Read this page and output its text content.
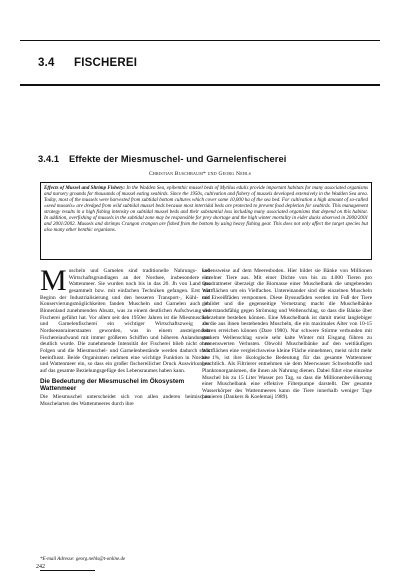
3.4 FISCHEREI
3.4.1 Effekte der Miesmuschel- und Garnelenfischerei
Christian Buschbaum* und Georg Nehls
Effects of Mussel and Shrimp Fishery: In the Wadden Sea, epibenthic mussel beds of Mytilus edulis provide important habitats for many associated organisms and nursery grounds for thousands of mussel eating seabirds. Since the 1950s, cultivation and fishery of mussels developed extensively in the Wadden Sea area. Today, most of the mussels were harvested from subtidal bottom cultures which cover some 10,000 ha of the sea bed. For cultivation a high amount of so-called «seed mussels» are dredged from wild subtidal mussel beds because most intertidal beds are protected to prevent food depletion for seabirds. This management strategy results in a high fishing intensity on subtidal mussel beds and their substantial loss including many associated organisms that depend on this habitat. In addition, overfishing of mussels in the subtidal zone may be responsible for prey shortage and the high winter mortality in eider ducks observed in 2000/2001 and 2001/2002. Mussels and shrimps Crangon crangon are fished from the bottom by using heavy fishing gear. This does not only affect the target species but also many other benthic organisms.

Muscheln und Garnelen sind traditionelle Nahrungs- und Wirtschaftsgrundlagen an der Nordsee, insbesondere im Wattenmeer. Sie wurden noch bis in das 20. Jh von Land aus gesammelt bzw. mit einfachen Techniken gefangen. Erst mit Beginn der Industrialisierung und den besseren Transport-, Kühl- und Konservierungsmöglichkeiten fanden Muscheln und Garnelen auch im Binnenland zunehmenden Absatz, was zu einem deutlichen Aufschwung der Fischerei geführt hat. Vor allem seit den 1950er Jahren ist die Miesmuschel- und Garnelenfischerei ein wichtiger Wirtschaftszweig der Nordseeanrainerstaaten geworden, was in einem ansteigendem Fischereiaufwand mit immer größeren Schiffen und höheren Anlandungen deutlich wurde. Die zunehmende Intensität der Fischerei blieb nicht ohne Folgen und die Miesmuschel- und Garnelenbestände werden dadurch stark beeinflusst. Beide Organismen nehmen eine wichtige Funktion in Nordsee und Wattenmeer ein, so dass ein großer fischereilicher Druck Auswirkungen auf das gesamte Beziehungsgefüge des Lebensraumes haben kann.

Die Bedeutung der Miesmuschel im Ökosystem Wattenmeer

Die Miesmuschel unterscheidet sich von allen anderen heimischen Muschelarten des Wattenmeeres durch ihre

Lebensweise auf dem Meeresboden. Hier bildet sie Bänke von Millionen einzelner Tiere aus. Mit einer Dichte von bis zu 4.000 Tieren pro Quadratmeter überzeigt die Biomasse einer Muschelbank die umgebenden Wattflächen um ein Vielfaches. Untereinander sind die einzelnen Muscheln mit Eiweißfäden versponnen. Diese Byssusfäden werden im Fuß der Tiere gebildet und die gegenseitige Vernetzung macht die Muschelbänke widerstandsfähig gegen Strömung und Wellenschlag, so dass die Bänke über Jahrzehnte bestehen können. Eine Muschelbank ist damit meist langlebiger als die aus ihnen bestehenden Muscheln, die ein maximales Alter von 10-15 Jahren erreichen können (Dare 1980). Nur schwere Stürme verbunden mit starkem Wellenschlag sowie sehr kalte Winter mit Eisgang führen zu nennenswerten Verlusten. Obwohl Muschelbänke auf den weitläufigen Wattflächen eine vergleichsweise kleine Fläche einnehmen, meist nicht mehr als 1%, ist ihre ökologische Bedeutung für das gesamte Wattenmeer beachtlich. Als Filtrierer entnehmen sie dem Meerwasser Schwebstoffe und Planktonorganismen, die ihnen als Nahrung dienen. Dabei führt eine einzelne Muschel bis zu 15 Liter Wasser pro Tag, so dass die Millionenbevölkerung einer Muschelbank eine effektive Filterpumpe darstellt. Der gesamte Wasserkörper des Wattenmeeres kann die Tiere innerhalb weniger Tage passieren (Dankers & Koelemaij 1989).

242
*E-mail Adresse: georg.nehls@t-online.de
